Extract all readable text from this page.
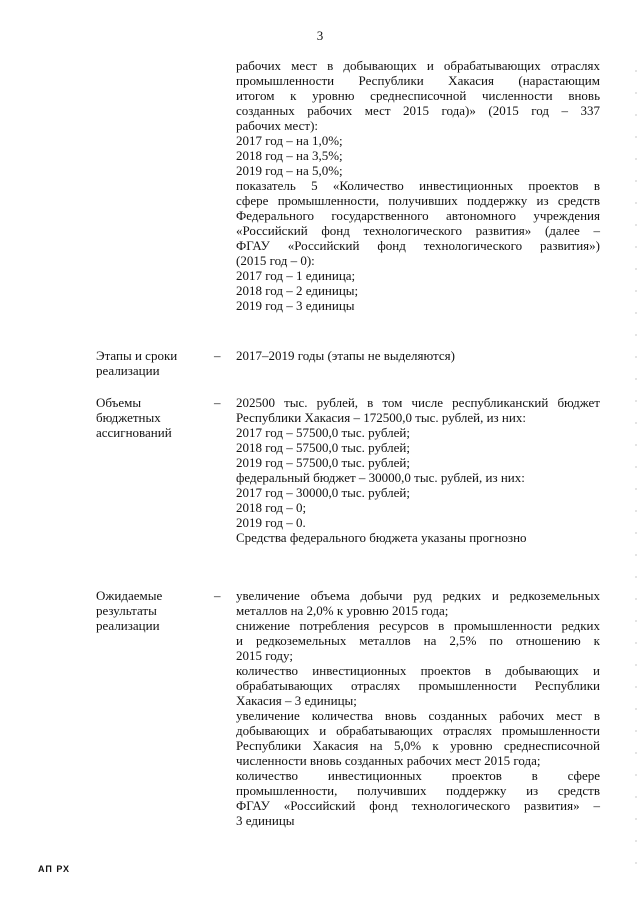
3
рабочих мест в добывающих и обрабатывающих отраслях
промышленности Республики Хакасия (нарастающим
итогом к уровню среднесписочной численности вновь
созданных рабочих мест 2015 года)» (2015 год – 337
рабочих мест):
2017 год – на 1,0%;
2018 год – на 3,5%;
2019 год – на 5,0%;
показатель 5 «Количество инвестиционных проектов в
сфере промышленности, получивших поддержку из средств
Федерального государственного автономного учреждения
«Российский фонд технологического развития» (далее –
ФГАУ «Российский фонд технологического развития»)
(2015 год – 0):
2017 год – 1 единица;
2018 год – 2 единицы;
2019 год – 3 единицы
Этапы и сроки реализации
– 2017–2019 годы (этапы не выделяются)
Объемы бюджетных ассигнований
– 202500 тыс. рублей, в том числе республиканский бюджет
Республики Хакасия – 172500,0 тыс. рублей, из них:
2017 год – 57500,0 тыс. рублей;
2018 год – 57500,0 тыс. рублей;
2019 год – 57500,0 тыс. рублей;
федеральный бюджет – 30000,0 тыс. рублей, из них:
2017 год – 30000,0 тыс. рублей;
2018 год – 0;
2019 год – 0.
Средства федерального бюджета указаны прогнозно
Ожидаемые результаты реализации
– увеличение объема добычи руд редких и редкоземельных
металлов на 2,0% к уровню 2015 года;
снижение потребления ресурсов в промышленности редких
и редкоземельных металлов на 2,5% по отношению к
2015 году;
количество инвестиционных проектов в добывающих и
обрабатывающих отраслях промышленности Республики
Хакасия – 3 единицы;
увеличение количества вновь созданных рабочих мест в
добывающих и обрабатывающих отраслях промышленности
Республики Хакасия на 5,0% к уровню среднесписочной
численности вновь созданных рабочих мест 2015 года;
количество инвестиционных проектов в сфере
промышленности, получивших поддержку из средств
ФГАУ «Российский фонд технологического развития» –
3 единицы
АП РХ
